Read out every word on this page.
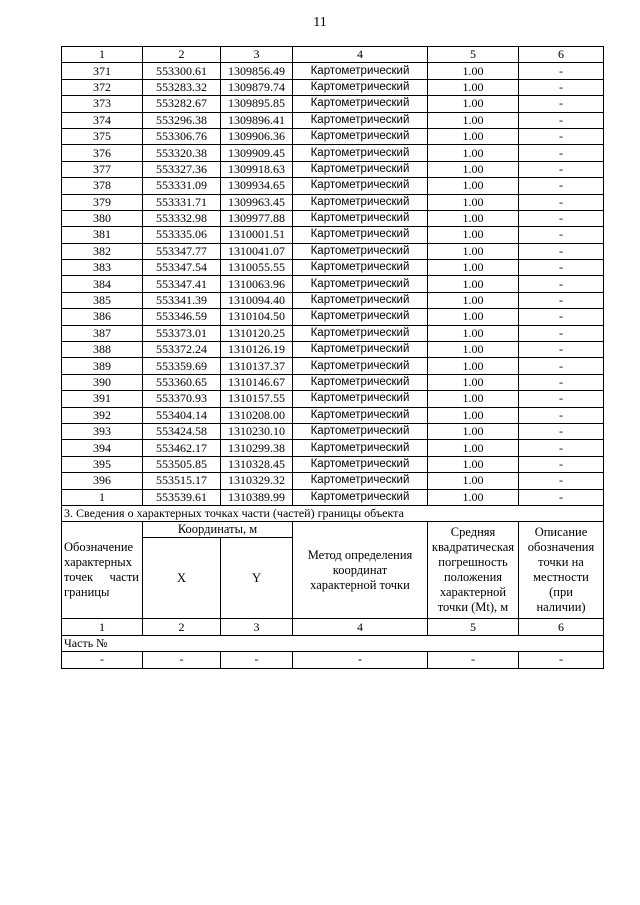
11
1	2	3	4	5	6
371	553300.61	1309856.49	Картометрический	1.00	-
372	553283.32	1309879.74	Картометрический	1.00	-
373	553282.67	1309895.85	Картометрический	1.00	-
374	553296.38	1309896.41	Картометрический	1.00	-
375	553306.76	1309906.36	Картометрический	1.00	-
376	553320.38	1309909.45	Картометрический	1.00	-
377	553327.36	1309918.63	Картометрический	1.00	-
378	553331.09	1309934.65	Картометрический	1.00	-
379	553331.71	1309963.45	Картометрический	1.00	-
380	553332.98	1309977.88	Картометрический	1.00	-
381	553335.06	1310001.51	Картометрический	1.00	-
382	553347.77	1310041.07	Картометрический	1.00	-
383	553347.54	1310055.55	Картометрический	1.00	-
384	553347.41	1310063.96	Картометрический	1.00	-
385	553341.39	1310094.40	Картометрический	1.00	-
386	553346.59	1310104.50	Картометрический	1.00	-
387	553373.01	1310120.25	Картометрический	1.00	-
388	553372.24	1310126.19	Картометрический	1.00	-
389	553359.69	1310137.37	Картометрический	1.00	-
390	553360.65	1310146.67	Картометрический	1.00	-
391	553370.93	1310157.55	Картометрический	1.00	-
392	553404.14	1310208.00	Картометрический	1.00	-
393	553424.58	1310230.10	Картометрический	1.00	-
394	553462.17	1310299.38	Картометрический	1.00	-
395	553505.85	1310328.45	Картометрический	1.00	-
396	553515.17	1310329.32	Картометрический	1.00	-
1	553539.61	1310389.99	Картометрический	1.00	-
3. Сведения о характерных точках части (частей) границы объекта					

Обозначение
характерных
точек части
границы	Координаты, м		Метод определения координат характерной точки	Средняя квадратическая погрешность положения характерной точки (Mt), м	Описание обозначения точки на местности (при наличии)
	X	Y			
1	2	3	4	5	6
Часть №					
-	-	-	-	-	-
